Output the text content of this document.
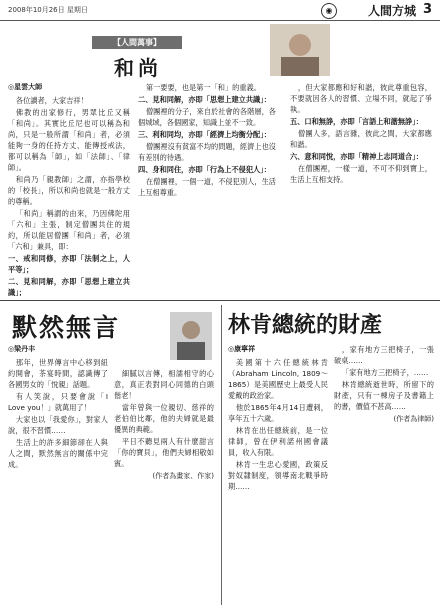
2008年10月26日 星期日	◉	人間方城 3
【人間萬事】
和尚
◎星雲大師

各位讀者，大家吉祥！

佛教的出家修行，男眾比丘又稱「和尚」。其實比丘尼也可以稱為和尚，只是一般所謂「和尚」者，必須能夠一身的任持方丈、能傳授戒法，都可以稱為「師」，如「法師」、「律師」。

和尚乃「親教師」之謂，亦指學校的「校長」，所以和尚也就是一般方丈的尊稱。

「和尚」稱謂的由來，乃因佛陀用「六和」主張，制定僧團共住的規約，所以能居僧團「和尚」者，必須「六和」兼具，即：

一、戒和同修，亦即「法制之上，人平等」；

二、見和同解，亦即「思想上建立共識」；

第一要要，也是第一「和」的重義。

二、見和同解，亦即「思想上建立共識」：

僧團裡的分子，來自於社會的各階層，各個城域，各個國家，知識上並不一致。

三、利和同均，亦即「經濟上均衡分配」：

僧團裡沒有貧富不均的問題，經濟上也沒有差別的待遇。

四、身和同住，亦即「行為上不侵犯人」：

在僧團裡，一個一道，不侵犯別人，生活上互相尊重。

，但大家都應和好和諧，彼此尊重包容，不要就因各人的習慣、立場不同，就起了爭執。

五、口和無諍，亦即「言語上和諧無諍」：

僧團人多，語言雜，彼此之間，大家都應和諧。

六、意和同悅，亦即「精神上志同道合」：

在僧團裡，一樣一道，不可不仰到寶上，生活上互相支持。

默然無言
◎梁丹丰

那年，世界傳言中心移到紐約開會，茶宴時間，認識傳了各國男女的「悅親」話題。

有人笑說，只要會說「I Love you！」就萬用了！

大家也以「我愛你」，對家人說，很不習慣……

生活上的許多細節卻在人與人之間，默然無言的關係中完成。

細膩以言傳，相濡相守的心意，真正表對同心同德的白頭偕老！

當年曾與一位親切、慈祥的老伯伯比鄰，他的夫婦就是最優異的典範。

平日不聽見兩人有什麼甜言「你的寶貝」，他們夫婦相敬如賓。

(作者為畫家、作家)
林肯總統的財產
◎康寧祥

美國第十六任總統林肯（Abraham Lincoln, 1809～1865）是美國歷史上最受人民愛戴的政治家。

他於1865年4月14日遭刺，享年五十六歲。

林肯在出任總統前，是一位律師，曾在伊利諾州國會議員，收入有限。

林肯一生忠心愛國，政策反對奴隸制度，領導南北戰爭時期……

，家有地方三把椅子，一張破桌……

「家有地方三把椅子，……

林肯總統逝世時，所留下的財產，只有一棟房子及書籍上的書，價值不甚高……

(作者為律師)
